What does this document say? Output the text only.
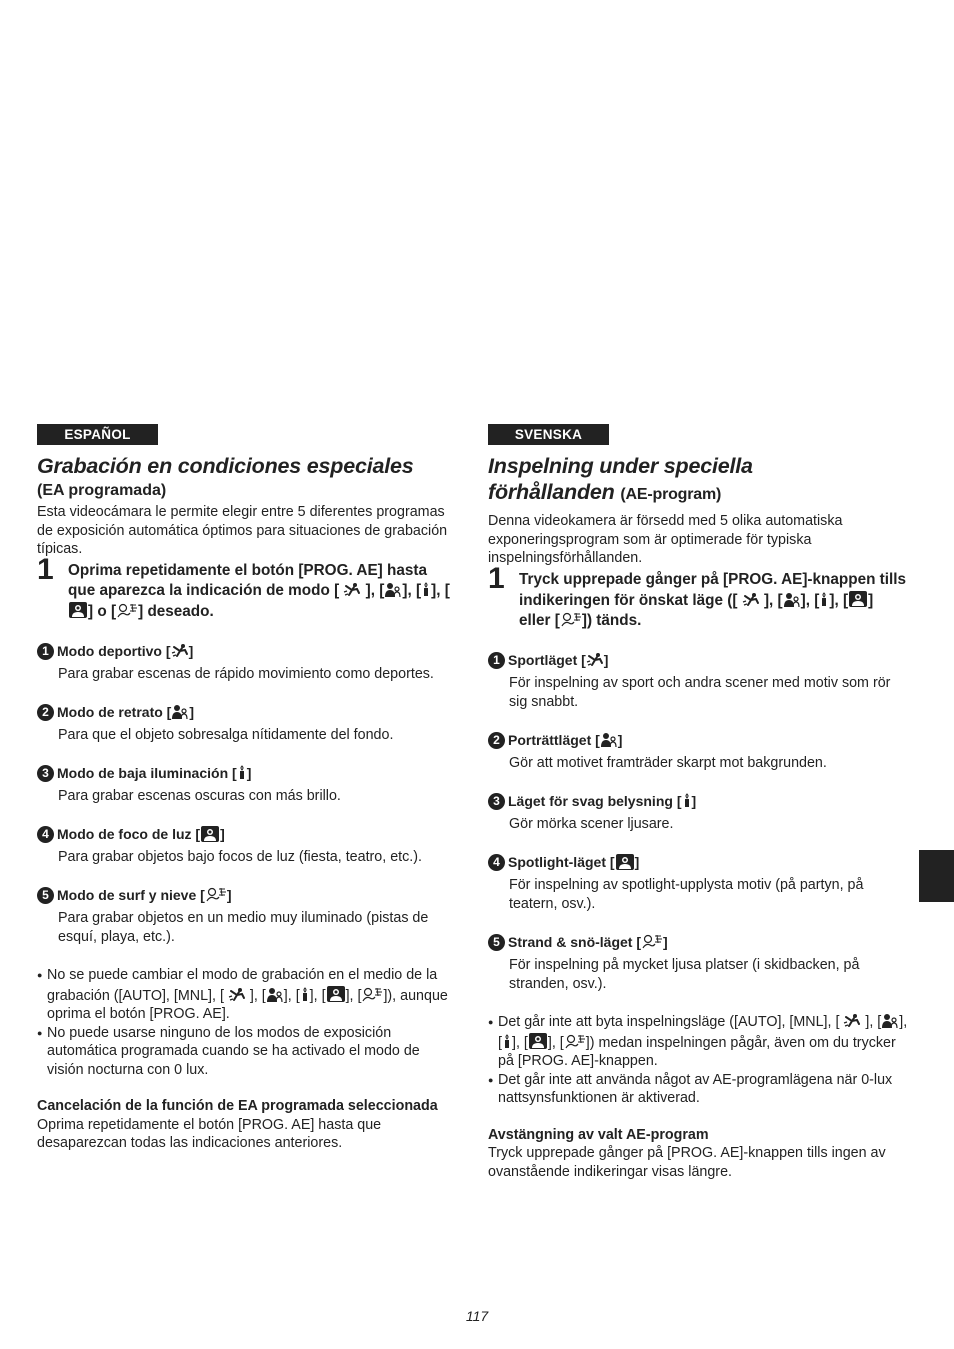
ESPAÑOL
Grabación en condiciones especiales
(EA programada)
Esta videocámara le permite elegir entre 5 diferentes programas de exposición automática óptimos para situaciones de grabación típicas.
1 Oprima repetidamente el botón [PROG. AE] hasta que aparezca la indicación de modo [
], [ ], [ ], [
] o [ ] deseado.
1 Modo deportivo [ ]
Para grabar escenas de rápido movimiento como deportes.
2 Modo de retrato [ ]
Para que el objeto sobresalga nítidamente del fondo.
3 Modo de baja iluminación [ ]
Para grabar escenas oscuras con más brillo.
4 Modo de foco de luz [ ]
Para grabar objetos bajo focos de luz (fiesta, teatro, etc.).
5 Modo de surf y nieve [ ]
Para grabar objetos en un medio muy iluminado (pistas de esquí, playa, etc.).
● No se puede cambiar el modo de grabación en el medio de la grabación ([AUTO], [MNL], [
], [ ], [ ], [ ], [ ]), aunque oprima el botón [PROG. AE].
● No puede usarse ninguno de los modos de exposición automática programada cuando se ha activado el modo de visión nocturna con 0 lux.
Cancelación de la función de EA programada seleccionada
Oprima repetidamente el botón [PROG. AE] hasta que desaparezcan todas las indicaciones anteriores.
SVENSKA
Inspelning under speciella
förhållanden (AE-program)
Denna videokamera är försedd med 5 olika automatiska exponeringsprogram som är optimerade för typiska inspelningsförhållanden.
1 Tryck upprepade gånger på [PROG. AE]-knappen tills indikeringen för önskat läge ([
], [ ], [ ], [ ] eller [ ]) tänds.
1 Sportläget [ ]
För inspelning av sport och andra scener med motiv som rör sig snabbt.
2 Porträttläget [ ]
Gör att motivet framträder skarpt mot bakgrunden.
3 Läget för svag belysning [ ]
Gör mörka scener ljusare.
4 Spotlight-läget [ ]
För inspelning av spotlight-upplysta motiv (på partyn, på teatern, osv.).
5 Strand & snö-läget [ ]
För inspelning på mycket ljusa platser (i skidbacken, på stranden, osv.).
● Det går inte att byta inspelningsläge ([AUTO], [MNL], [
], [ ], [ ], [ ], [ ]) medan inspelningen pågår, även om du trycker på [PROG. AE]-knappen.
● Det går inte att använda något av AE-programlägena när 0-lux nattsynsfunktionen är aktiverad.
Avstängning av valt AE-program
Tryck upprepade gånger på [PROG. AE]-knappen tills ingen av ovanstående indikeringar visas längre.
117
